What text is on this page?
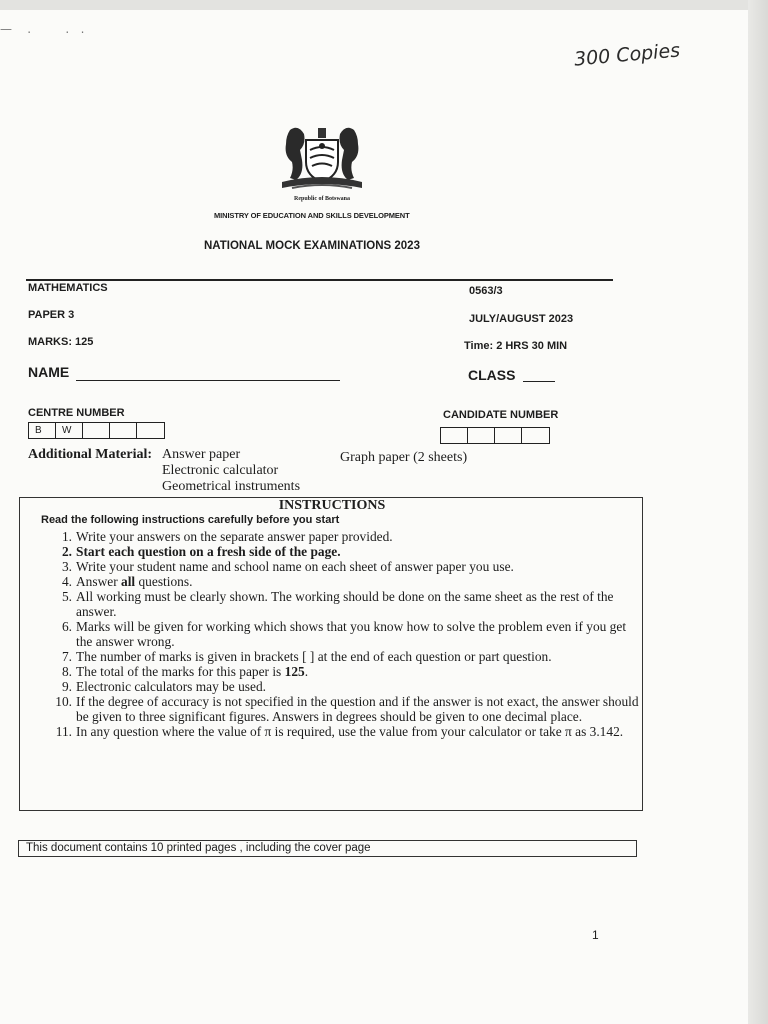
—    .         .   .
300 Copies
Republic of Botswana
MINISTRY OF EDUCATION AND SKILLS DEVELOPMENT
NATIONAL MOCK EXAMINATIONS 2023
MATHEMATICS
PAPER 3
MARKS: 125
0563/3
JULY/AUGUST 2023
Time: 2 HRS 30 MIN
NAME	CLASS
CENTRE NUMBER
B	W
CANDIDATE NUMBER
Additional Material: Answer paper
Electronic calculator
Geometrical instruments
Graph paper (2 sheets)
INSTRUCTIONS
Read the following instructions carefully before you start
1. Write your answers on the separate answer paper provided.
2. Start each question on a fresh side of the page.
3. Write your student name and school name on each sheet of answer paper you use.
4. Answer all questions.
5. All working must be clearly shown. The working should be done on the same sheet as the rest of the answer.
6. Marks will be given for working which shows that you know how to solve the problem even if you get the answer wrong.
7. The number of marks is given in brackets [ ] at the end of each question or part question.
8. The total of the marks for this paper is 125.
9. Electronic calculators may be used.
10. If the degree of accuracy is not specified in the question and if the answer is not exact, the answer should be given to three significant figures. Answers in degrees should be given to one decimal place.
11. In any question where the value of π is required, use the value from your calculator or take π as 3.142.
This document contains 10 printed pages , including the cover page
1
